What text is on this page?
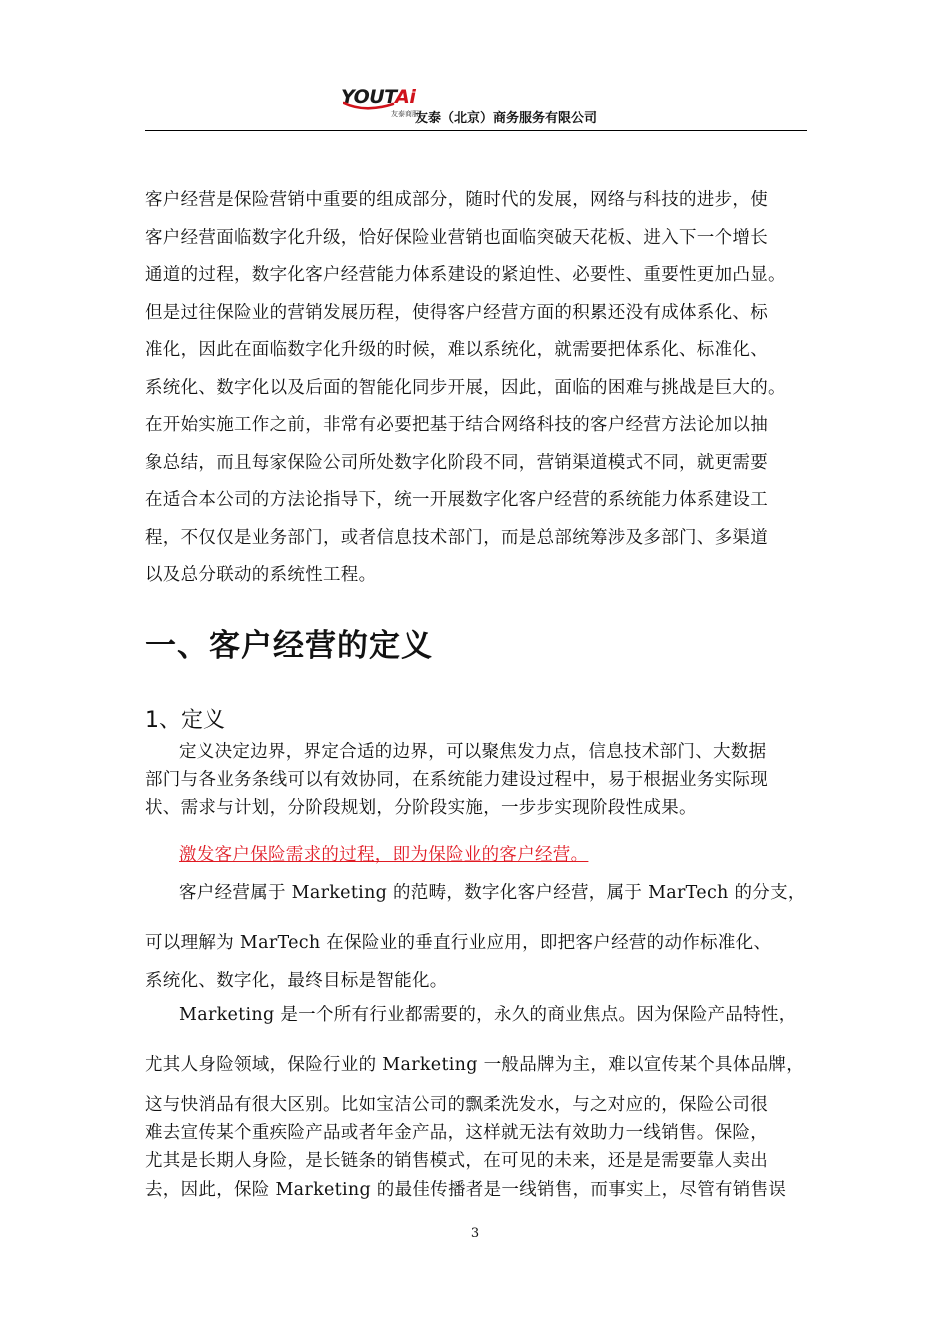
YOUTAi
友泰商服
友泰（北京）商务服务有限公司
客户经营是保险营销中重要的组成部分，随时代的发展，网络与科技的进步，使
客户经营面临数字化升级，恰好保险业营销也面临突破天花板、进入下一个增长
通道的过程，数字化客户经营能力体系建设的紧迫性、必要性、重要性更加凸显。
但是过往保险业的营销发展历程，使得客户经营方面的积累还没有成体系化、标
准化，因此在面临数字化升级的时候，难以系统化，就需要把体系化、标准化、
系统化、数字化以及后面的智能化同步开展，因此，面临的困难与挑战是巨大的。
在开始实施工作之前，非常有必要把基于结合网络科技的客户经营方法论加以抽
象总结，而且每家保险公司所处数字化阶段不同，营销渠道模式不同，就更需要
在适合本公司的方法论指导下，统一开展数字化客户经营的系统能力体系建设工
程，不仅仅是业务部门，或者信息技术部门，而是总部统筹涉及多部门、多渠道
以及总分联动的系统性工程。
一、客户经营的定义
1、定义
定义决定边界，界定合适的边界，可以聚焦发力点，信息技术部门、大数据
部门与各业务条线可以有效协同，在系统能力建设过程中，易于根据业务实际现
状、需求与计划，分阶段规划，分阶段实施，一步步实现阶段性成果。
激发客户保险需求的过程，即为保险业的客户经营。
客户经营属于 Marketing 的范畴，数字化客户经营，属于 MarTech 的分支，
可以理解为 MarTech 在保险业的垂直行业应用，即把客户经营的动作标准化、
系统化、数字化，最终目标是智能化。
Marketing 是一个所有行业都需要的，永久的商业焦点。因为保险产品特性，
尤其人身险领域，保险行业的 Marketing 一般品牌为主，难以宣传某个具体品牌，
这与快消品有很大区别。比如宝洁公司的飘柔洗发水，与之对应的，保险公司很
难去宣传某个重疾险产品或者年金产品，这样就无法有效助力一线销售。保险，
尤其是长期人身险，是长链条的销售模式，在可见的未来，还是是需要靠人卖出
去，因此，保险 Marketing 的最佳传播者是一线销售，而事实上，尽管有销售误
3
